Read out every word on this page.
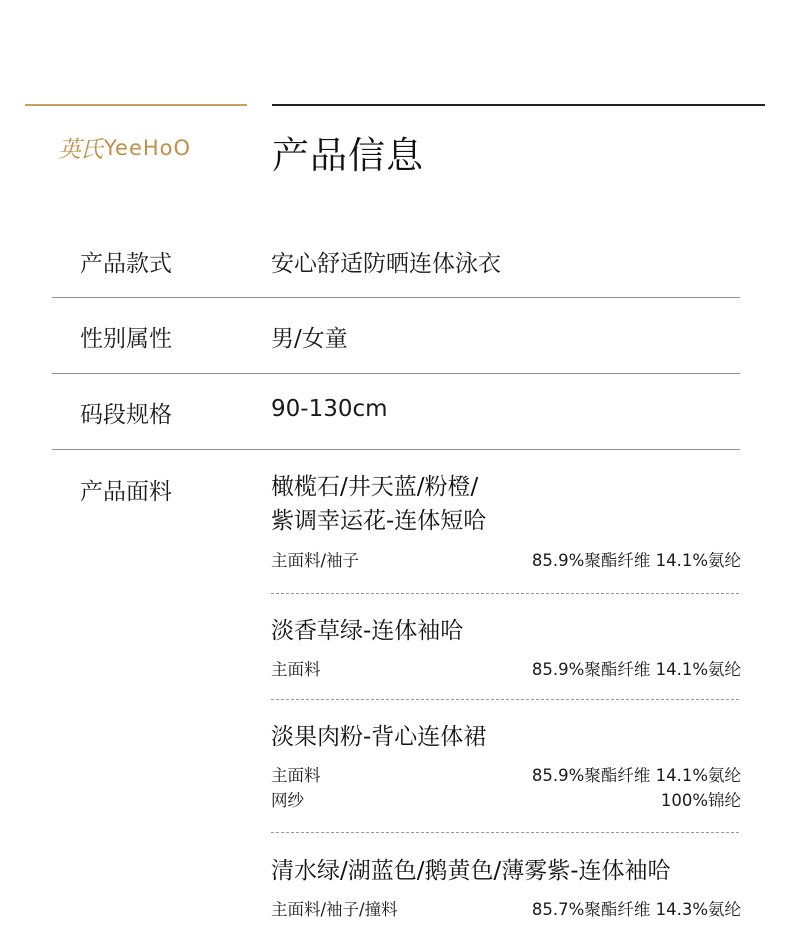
英氏 YeeHoO 产品信息
产品款式	安心舒适防晒连体泳衣
性别属性	男/女童
码段规格	90-130cm
产品面料	橄榄石/井天蓝/粉橙/
紫调幸运花-连体短哈
主面料/袖子	85.9%聚酯纤维 14.1%氨纶
淡香草绿-连体袖哈
主面料	85.9%聚酯纤维 14.1%氨纶
淡果肉粉-背心连体裙
主面料	85.9%聚酯纤维 14.1%氨纶
网纱	100%锦纶
清水绿/湖蓝色/鹅黄色/薄雾紫-连体袖哈
主面料/袖子/撞料	85.7%聚酯纤维 14.3%氨纶
